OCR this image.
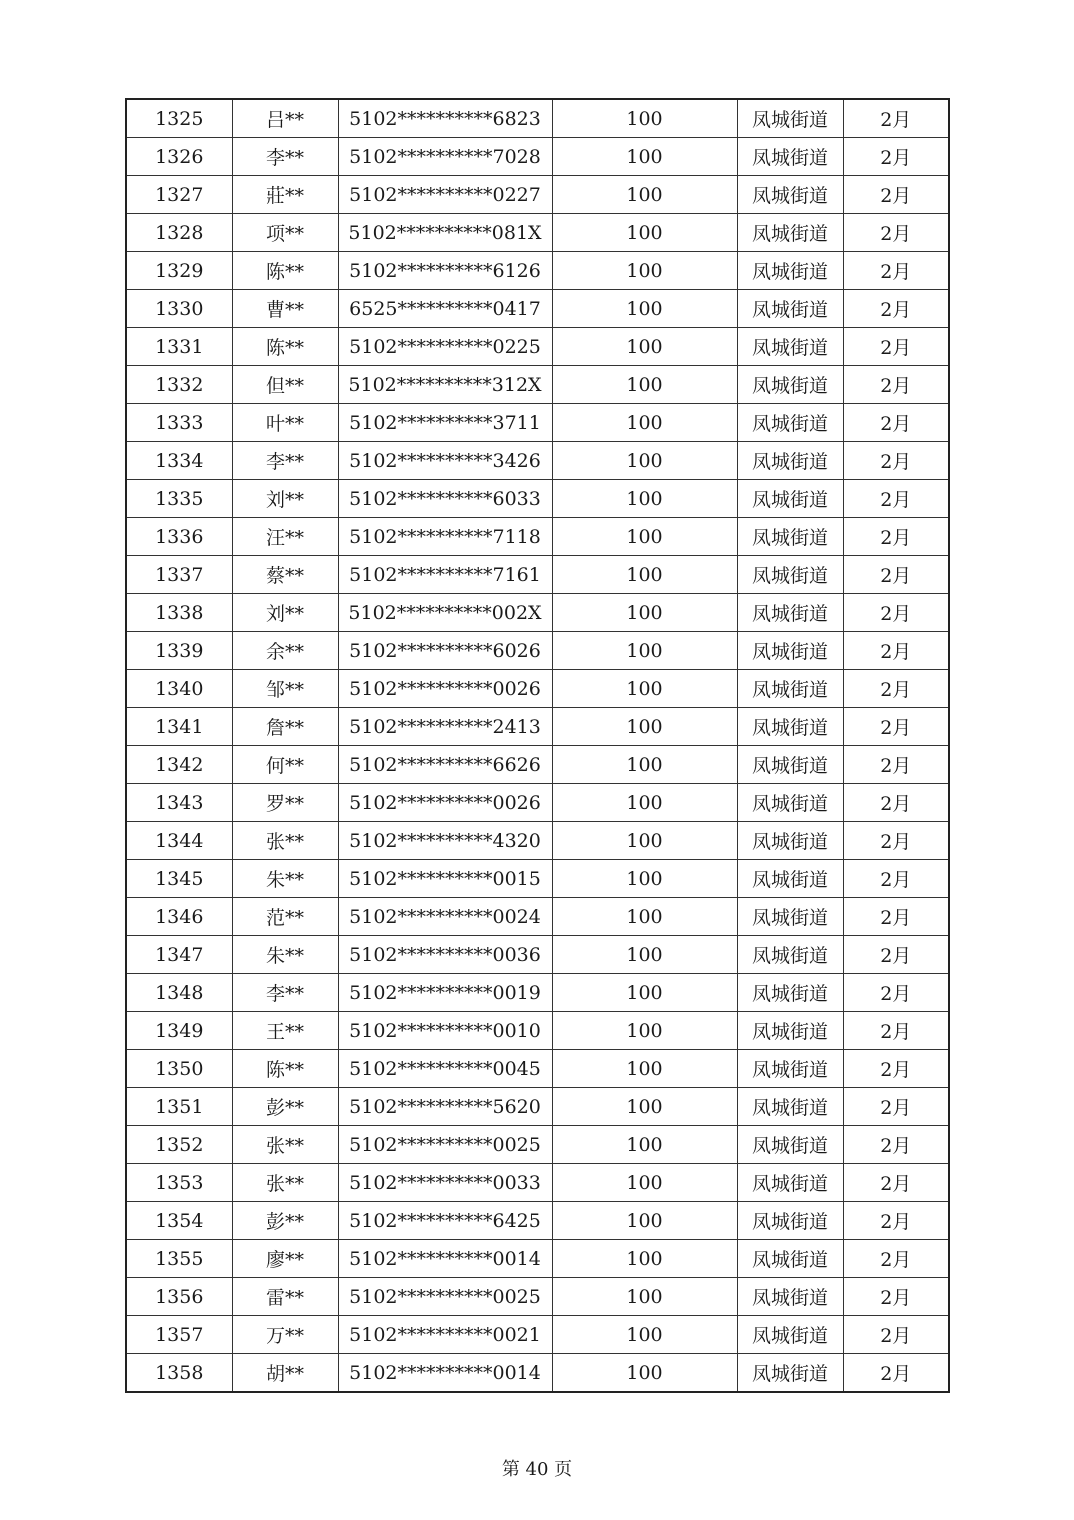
1325	吕**	5102**********6823	100	凤城街道	2月
1326	李**	5102**********7028	100	凤城街道	2月
1327	莊**	5102**********0227	100	凤城街道	2月
1328	项**	5102**********081X	100	凤城街道	2月
1329	陈**	5102**********6126	100	凤城街道	2月
1330	曹**	6525**********0417	100	凤城街道	2月
1331	陈**	5102**********0225	100	凤城街道	2月
1332	但**	5102**********312X	100	凤城街道	2月
1333	叶**	5102**********3711	100	凤城街道	2月
1334	李**	5102**********3426	100	凤城街道	2月
1335	刘**	5102**********6033	100	凤城街道	2月
1336	汪**	5102**********7118	100	凤城街道	2月
1337	蔡**	5102**********7161	100	凤城街道	2月
1338	刘**	5102**********002X	100	凤城街道	2月
1339	余**	5102**********6026	100	凤城街道	2月
1340	邹**	5102**********0026	100	凤城街道	2月
1341	詹**	5102**********2413	100	凤城街道	2月
1342	何**	5102**********6626	100	凤城街道	2月
1343	罗**	5102**********0026	100	凤城街道	2月
1344	张**	5102**********4320	100	凤城街道	2月
1345	朱**	5102**********0015	100	凤城街道	2月
1346	范**	5102**********0024	100	凤城街道	2月
1347	朱**	5102**********0036	100	凤城街道	2月
1348	李**	5102**********0019	100	凤城街道	2月
1349	王**	5102**********0010	100	凤城街道	2月
1350	陈**	5102**********0045	100	凤城街道	2月
1351	彭**	5102**********5620	100	凤城街道	2月
1352	张**	5102**********0025	100	凤城街道	2月
1353	张**	5102**********0033	100	凤城街道	2月
1354	彭**	5102**********6425	100	凤城街道	2月
1355	廖**	5102**********0014	100	凤城街道	2月
1356	雷**	5102**********0025	100	凤城街道	2月
1357	万**	5102**********0021	100	凤城街道	2月
1358	胡**	5102**********0014	100	凤城街道	2月
第 40 页
